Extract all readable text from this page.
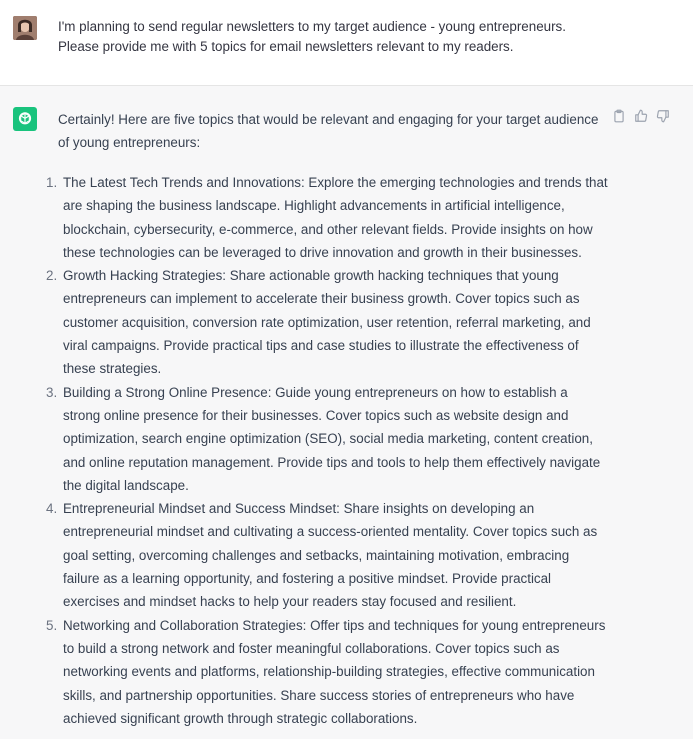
I'm planning to send regular newsletters to my target audience - young entrepreneurs.
Please provide me with 5 topics for email newsletters relevant to my readers.
Certainly! Here are five topics that would be relevant and engaging for your target audience of young entrepreneurs:
1. The Latest Tech Trends and Innovations: Explore the emerging technologies and trends that are shaping the business landscape. Highlight advancements in artificial intelligence, blockchain, cybersecurity, e-commerce, and other relevant fields. Provide insights on how these technologies can be leveraged to drive innovation and growth in their businesses.
2. Growth Hacking Strategies: Share actionable growth hacking techniques that young entrepreneurs can implement to accelerate their business growth. Cover topics such as customer acquisition, conversion rate optimization, user retention, referral marketing, and viral campaigns. Provide practical tips and case studies to illustrate the effectiveness of these strategies.
3. Building a Strong Online Presence: Guide young entrepreneurs on how to establish a strong online presence for their businesses. Cover topics such as website design and optimization, search engine optimization (SEO), social media marketing, content creation, and online reputation management. Provide tips and tools to help them effectively navigate the digital landscape.
4. Entrepreneurial Mindset and Success Mindset: Share insights on developing an entrepreneurial mindset and cultivating a success-oriented mentality. Cover topics such as goal setting, overcoming challenges and setbacks, maintaining motivation, embracing failure as a learning opportunity, and fostering a positive mindset. Provide practical exercises and mindset hacks to help your readers stay focused and resilient.
5. Networking and Collaboration Strategies: Offer tips and techniques for young entrepreneurs to build a strong network and foster meaningful collaborations. Cover topics such as networking events and platforms, relationship-building strategies, effective communication skills, and partnership opportunities. Share success stories of entrepreneurs who have achieved significant growth through strategic collaborations.
